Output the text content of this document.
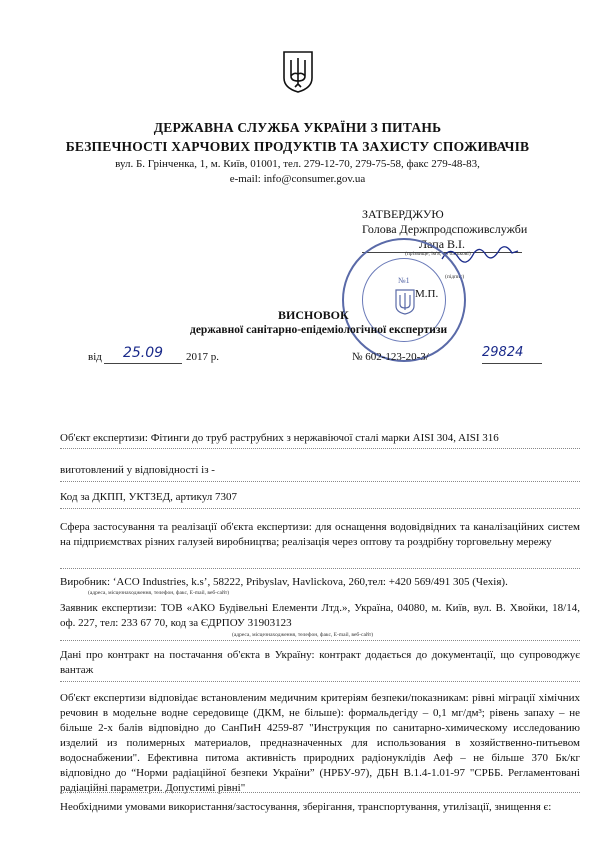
ДЕРЖАВНА СЛУЖБА УКРАЇНИ З ПИТАНЬ
БЕЗПЕЧНОСТІ ХАРЧОВИХ ПРОДУКТІВ ТА ЗАХИСТУ СПОЖИВАЧІВ
вул. Б. Грінченка, 1, м. Київ, 01001, тел. 279-12-70, 279-75-58, факс 279-48-83,
e-mail: info@consumer.gov.ua
ЗАТВЕРДЖУЮ
Голова Держпродспоживслужби
Лапа В.І.
(прізвище, ім'я, по батькові)
(підпис)
М.П.
№1
ВИСНОВОК
державної санітарно-епідеміологічної експертизи
від	25.09	2017 р.	№ 602-123-20-3/	29824
Об'єкт експертизи: Фітинги до труб раструбних з нержавіючої сталі марки AISI 304, AISI 316
виготовлений у відповідності із -
Код за ДКПП, УКТЗЕД, артикул 7307
Сфера застосування та реалізації об'єкта експертизи: для оснащення водовідвідних та каналізаційних систем на підприємствах різних галузей виробництва; реалізація через оптову та роздрібну торговельну мережу
Виробник: ‘ACO Industries, k.s’, 58222, Pribyslav, Havlickova, 260,тел: +420 569/491 305 (Чехія).
(адреса, місцезнаходження, телефон, факс, E-mail, веб-сайт)
Заявник експертизи: ТОВ «АКО Будівельні Елементи Лтд.», Україна, 04080, м. Київ, вул. В. Хвойки, 18/14, оф. 227, тел: 233 67 70, код за ЄДРПОУ 31903123
(адреса, місцезнаходження, телефон, факс, E-mail, веб-сайт)
Дані про контракт на постачання об'єкта в Україну: контракт додається до документації, що супроводжує вантаж
Об'єкт експертизи відповідає встановленим медичним критеріям безпеки/показникам: рівні міграції хімічних речовин в модельне водне середовище (ДКМ, не більше): формальдегіду – 0,1 мг/дм³; рівень запаху – не більше 2-х балів відповідно до СанПиН 4259-87 "Инструкция по санитарно-химическому исследованию изделий из полимерных материалов, предназначенных для использования в хозяйственно-питьевом водоснабжении". Ефективна питома активність природних радіонуклідів Аеф – не більше 370 Бк/кг відповідно до “Норми радіаційної безпеки України” (НРБУ-97), ДБН В.1.4-1.01-97 "СРББ. Регламентовані радіаційні параметри. Допустимі рівні"
Необхідними умовами використання/застосування, зберігання, транспортування, утилізації, знищення є:
